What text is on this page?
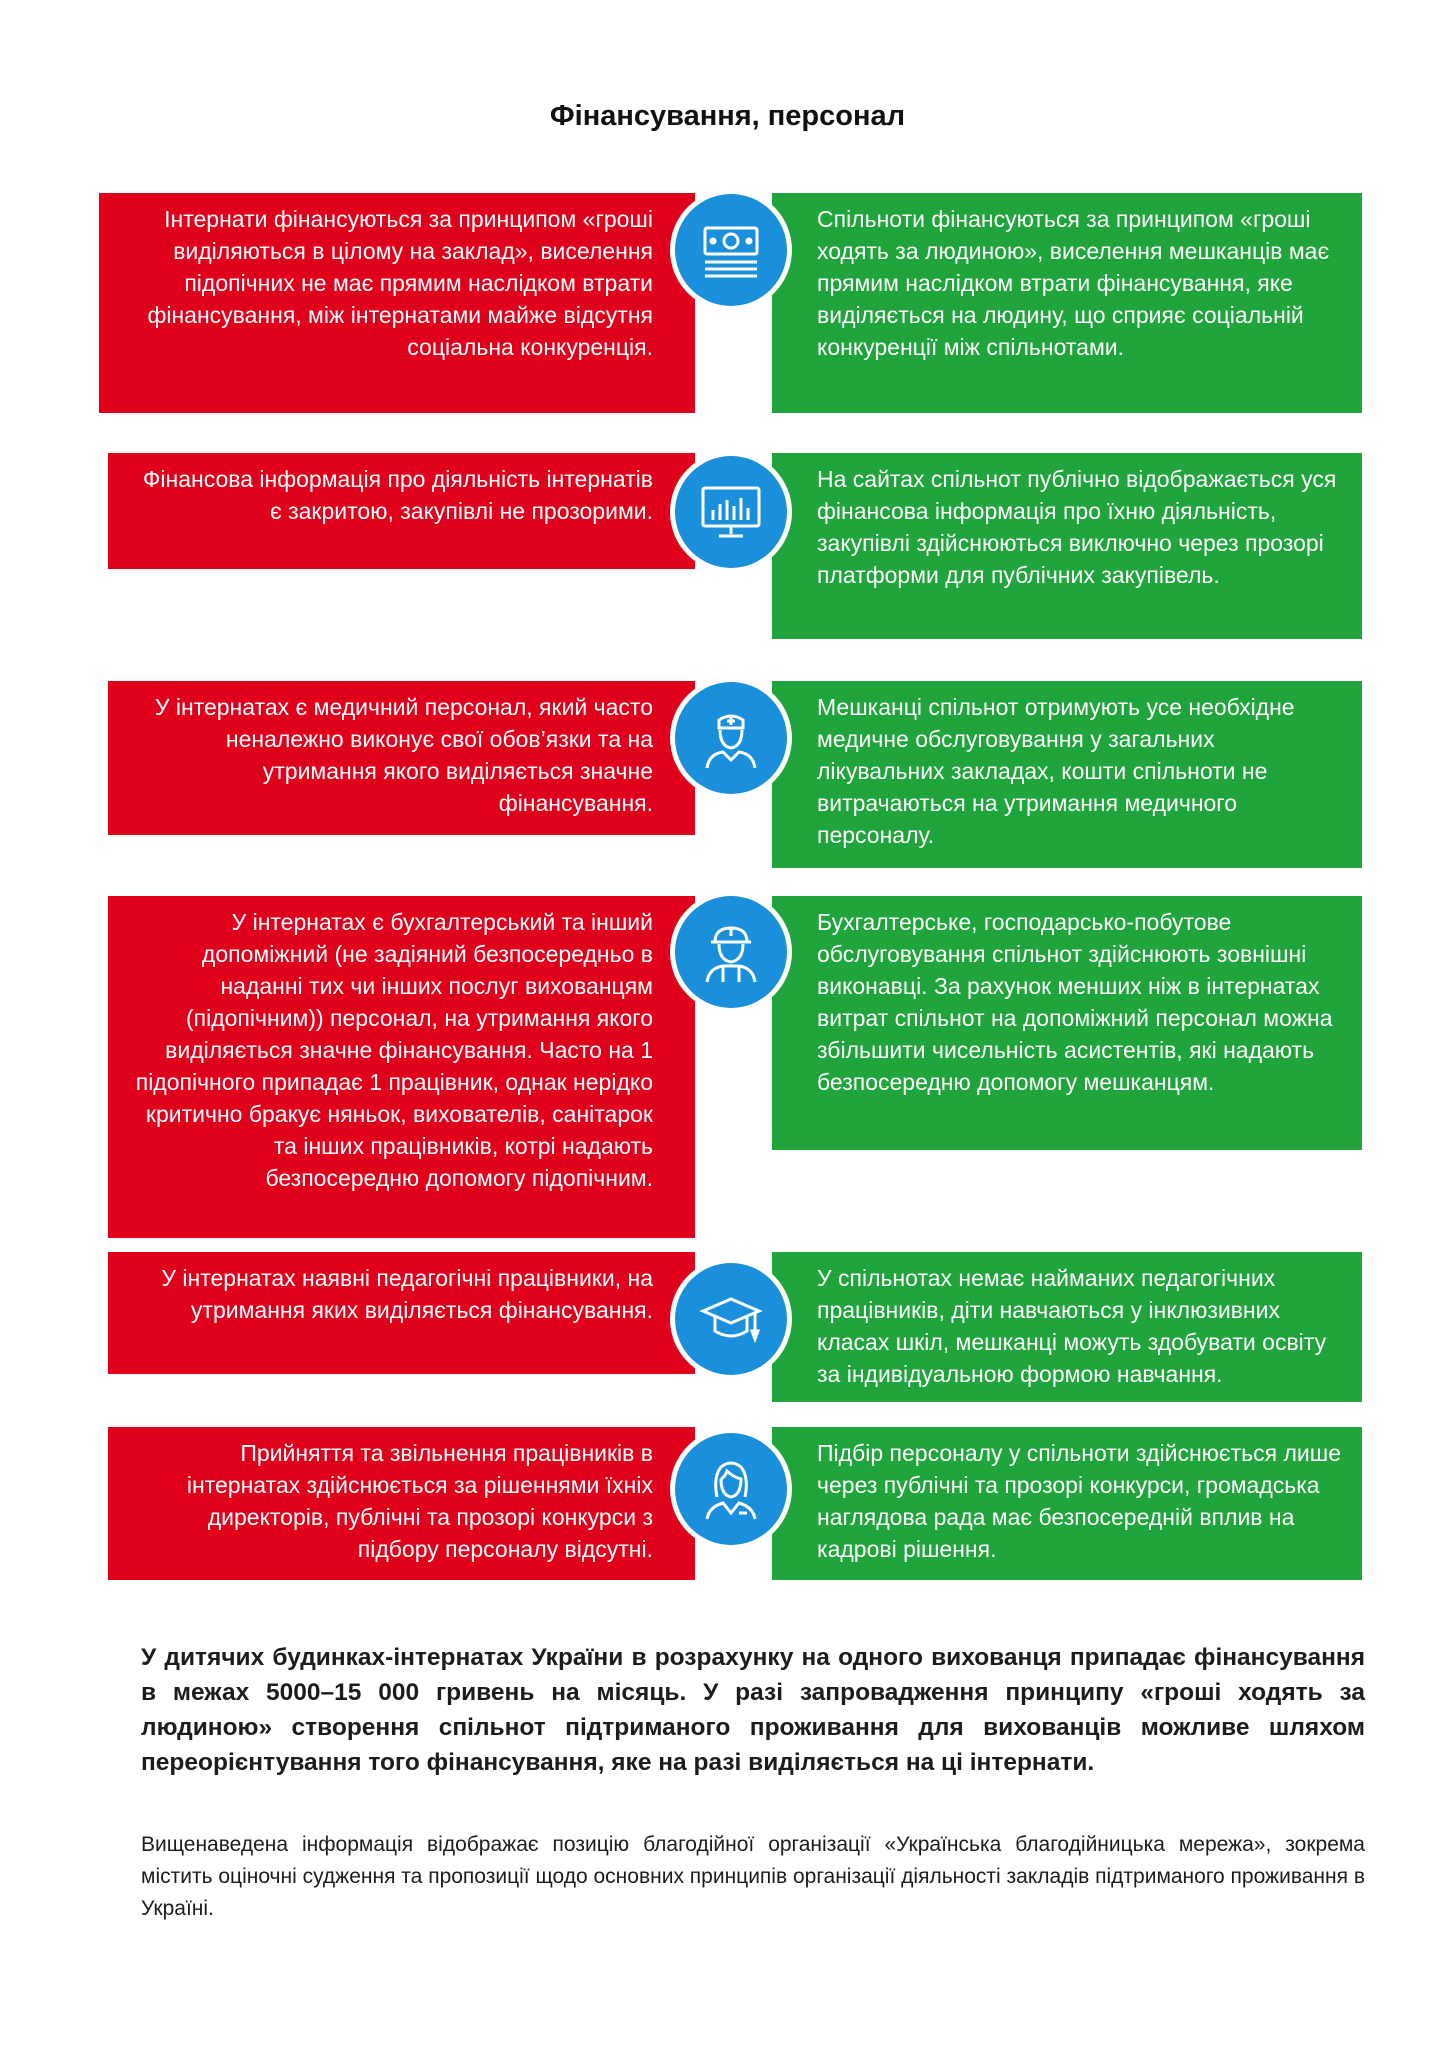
Фінансування, персонал
Інтернати фінансуються за принципом «гроші виділяються в цілому на заклад», виселення підопічних не має прямим наслідком втрати фінансування, між інтернатами майже відсутня соціальна конкуренція.
Спільноти фінансуються за принципом «гроші ходять за людиною», виселення мешканців має прямим наслідком втрати фінансування, яке виділяється на людину, що сприяє соціальній конкуренції між спільнотами.
Фінансова інформація про діяльність інтернатів є закритою, закупівлі не прозорими.
На сайтах спільнот публічно відображається уся фінансова інформація про їхню діяльність, закупівлі здійснюються виключно через прозорі платформи для публічних закупівель.
У інтернатах є медичний персонал, який часто неналежно виконує свої обов’язки та на утримання якого виділяється значне фінансування.
Мешканці спільнот отримують усе необхідне медичне обслуговування у загальних лікувальних закладах, кошти спільноти не витрачаються на утримання медичного персоналу.
У інтернатах є бухгалтерський та інший допоміжний (не задіяний безпосередньо в наданні тих чи інших послуг вихованцям (підопічним)) персонал, на утримання якого виділяється значне фінансування. Часто на 1 підопічного припадає 1 працівник, однак нерідко критично бракує няньок, вихователів, санітарок та інших працівників, котрі надають безпосередню допомогу підопічним.
Бухгалтерське, господарсько-побутове обслуговування спільнот здійснюють зовнішні виконавці. За рахунок менших ніж в інтернатах витрат спільнот на допоміжний персонал можна збільшити чисельність асистентів, які надають безпосередню допомогу мешканцям.
У інтернатах наявні педагогічні працівники, на утримання яких виділяється фінансування.
У спільнотах немає найманих педагогічних працівників, діти навчаються у інклюзивних класах шкіл, мешканці можуть здобувати освіту за індивідуальною формою навчання.
Прийняття та звільнення працівників в інтернатах здійснюється за рішеннями їхніх директорів, публічні та прозорі конкурси з підбору персоналу відсутні.
Підбір персоналу у спільноти здійснюється лише через публічні та прозорі конкурси, громадська наглядова рада має безпосередній вплив на кадрові рішення.
У дитячих будинках-інтернатах України в розрахунку на одного вихованця припадає фінансування в межах 5000–15 000 гривень на місяць. У разі запровадження принципу «гроші ходять за людиною» створення спільнот підтриманого проживання для вихованців можливе шляхом переорієнтування того фінансування, яке на разі виділяється на ці інтернати.
Вищенаведена інформація відображає позицію благодійної організації «Українська благодійницька мережа», зокрема містить оціночні судження та пропозиції щодо основних принципів організації діяльності закладів підтриманого проживання в Україні.
